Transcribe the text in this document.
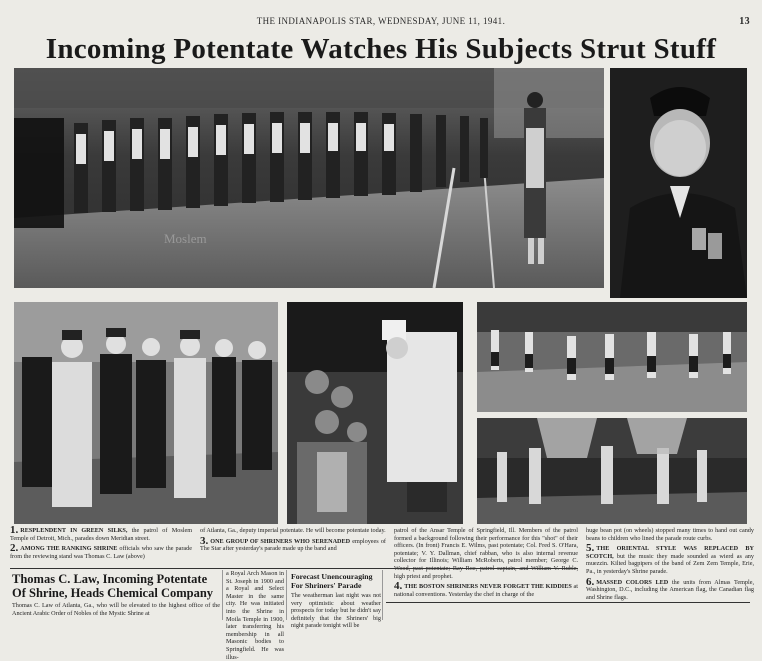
THE INDIANAPOLIS STAR, WEDNESDAY, JUNE 11, 1941.	13
Incoming Potentate Watches His Subjects Strut Stuff
Moslem

1. RESPLENDENT IN GREEN SILKS, the patrol of Moslem Temple of Detroit, Mich., parades down Meridian street.

2. AMONG THE RANKING SHRINE officials who saw the parade from the reviewing stand was Thomas C. Law (above)

of Atlanta, Ga., deputy imperial potentate. He will become potentate today.

3. ONE GROUP OF SHRINERS WHO SERENADED employees of The Star after yesterday's parade made up the band and

patrol of the Ansar Temple of Springfield, Ill. Members of the patrol formed a background following their performance for this "shot" of their officers. (In front) Francis E. Wilms, past potentate; Col. Fred S. O'Hara, potentate; V. Y. Dallman, chief rabban, who is also internal revenue collector for Illinois; William McRoberts, patrol member; George C. high priest and prophet.

4. THE BOSTON SHRINERS NEVER FORGET THE KIDDIES at national conventions. Yesterday the chef in charge of the

huge bean pot (on wheels) stopped many times to hand out candy beans to children who lined the parade route curbs.

5. THE ORIENTAL STYLE WAS REPLACED BY SCOTCH, but the music they made sounded as wierd as any muezzin. Kilted bagpipers of the band of Zem Zem Temple, Erie, Pa., in yesterday's Shrine parade.

6. MASSED COLORS LED the units from Almas Temple, Washington, D.C., including the American flag, the Canadian flag and Shrine flags.

Thomas C. Law, Incoming Potentate
Of Shrine, Heads Chemical Company
Thomas C. Law of Atlanta, Ga., who will be elevated to the highest office of the Ancient Arabic Order of Nobles of the Mystic Shrine at
a Royal Arch Mason in St. Joseph in 1900 and a Royal and Select Master in the same city. He was initiated into the Shrine in Moila Temple in 1900, later transferring his membership in all Masonic bodies to Springfield. He was illus-
Forecast Unencouraging
For Shriners' Parade
The weatherman last night was not very optimistic about weather prospects for today but he didn't say definitely that the Shriners' big night parade tonight will be
